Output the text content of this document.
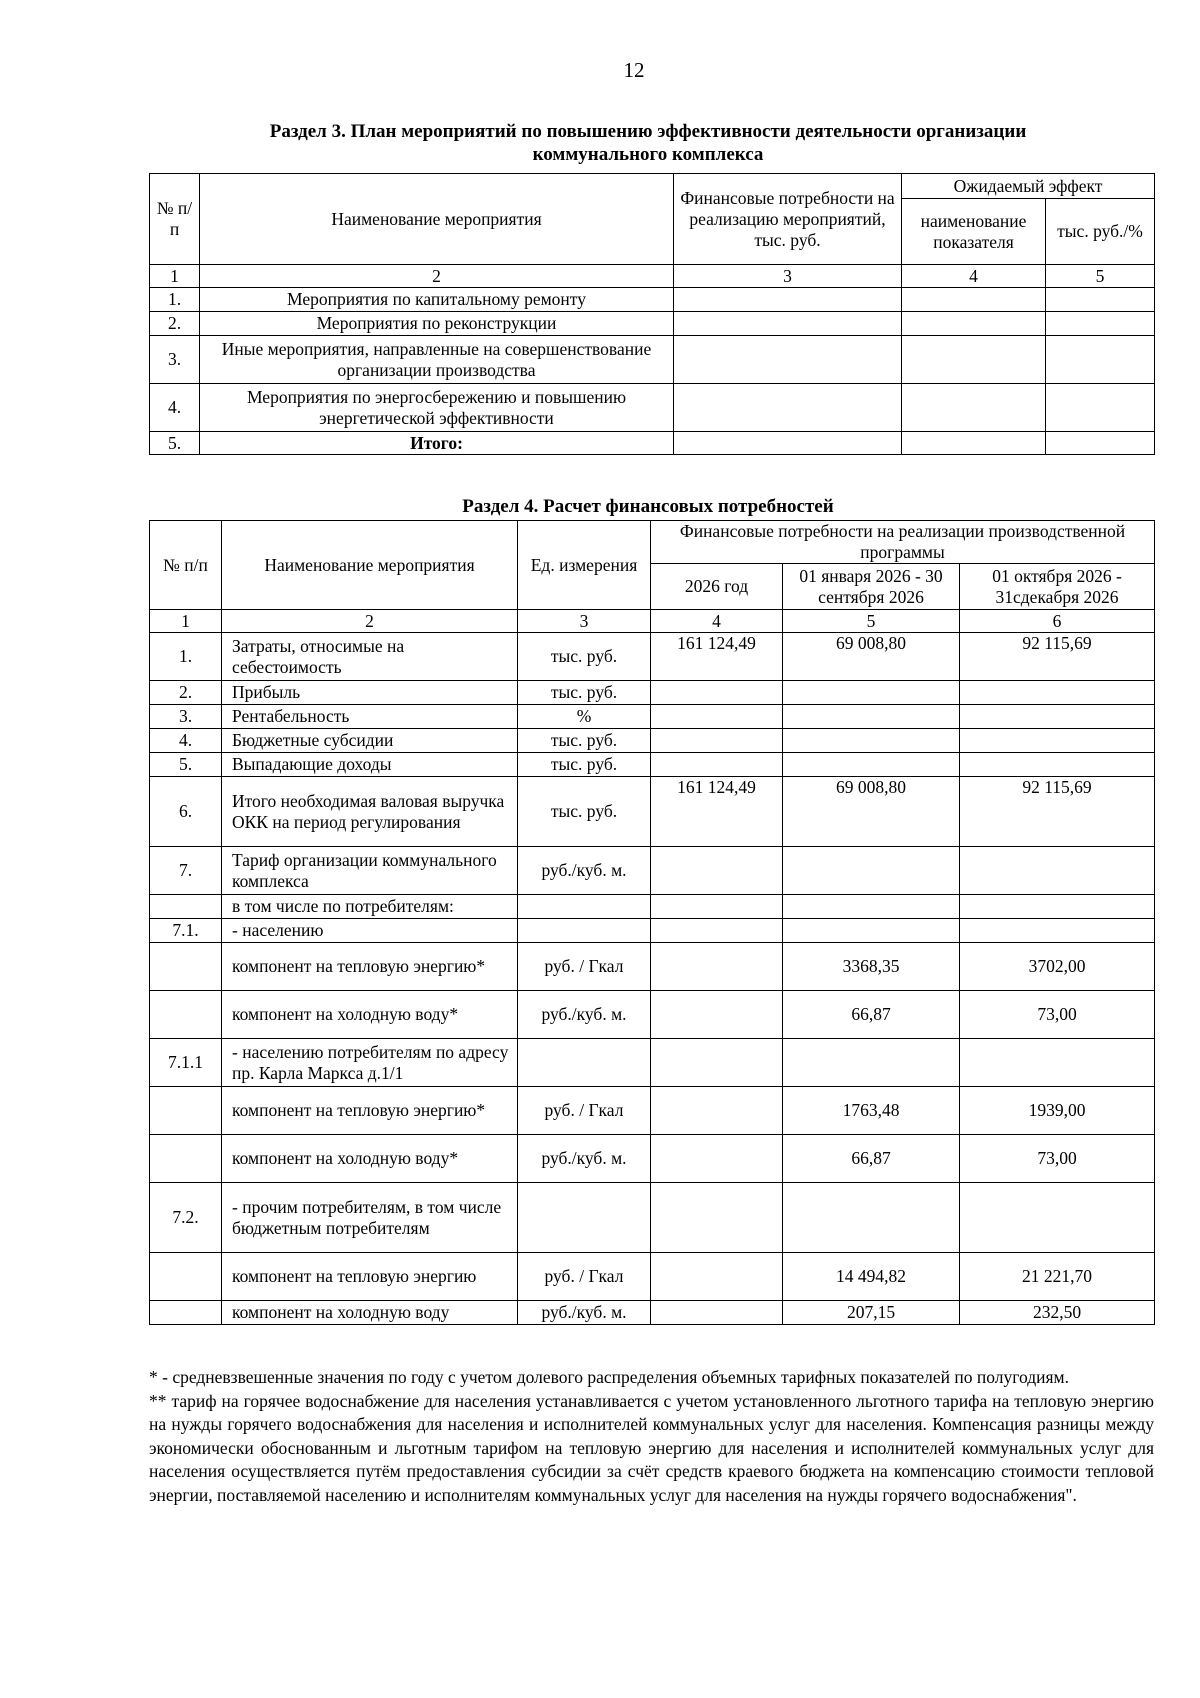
12
Раздел 3. План мероприятий по повышению эффективности деятельности организации
коммунального комплекса
№ п/п	Наименование мероприятия	Финансовые потребности на реализацию мероприятий, тыс. руб.	Ожидаемый эффект	
			наименование показателя	тыс. руб./%
1	2	3	4	5
1.	Мероприятия по капитальному ремонту			
2.	Мероприятия по реконструкции			
3.	Иные мероприятия, направленные на совершенствование организации производства			
4.	Мероприятия по энергосбережению и повышению энергетической эффективности			
5.	Итого:			
Раздел 4. Расчет финансовых потребностей
№ п/п	Наименование мероприятия	Ед. измерения	Финансовые потребности на реализации производственной программы		
			2026 год	01 января 2026 - 30 сентября 2026	01 октября 2026 - 31сдекабря 2026
1	2	3	4	5	6
1.	Затраты, относимые на себестоимость	тыс. руб.	161 124,49	69 008,80	92 115,69
2.	Прибыль	тыс. руб.			
3.	Рентабельность	%			
4.	Бюджетные субсидии	тыс. руб.			
5.	Выпадающие доходы	тыс. руб.			
6.	Итого необходимая валовая выручка ОКК на период регулирования	тыс. руб.	161 124,49	69 008,80	92 115,69
7.	Тариф организации коммунального комплекса	руб./куб. м.			
	в том числе по потребителям:				
7.1.	- населению				
	компонент на тепловую энергию*	руб. / Гкал		3368,35	3702,00
	компонент на холодную воду*	руб./куб. м.		66,87	73,00
7.1.1	- населению потребителям по адресу пр. Карла Маркса д.1/1				
	компонент на тепловую энергию*	руб. / Гкал		1763,48	1939,00
	компонент на холодную воду*	руб./куб. м.		66,87	73,00
7.2.	- прочим потребителям, в том числе бюджетным потребителям				
	компонент на тепловую энергию	руб. / Гкал		14 494,82	21 221,70
	компонент на холодную воду	руб./куб. м.		207,15	232,50

* - средневзвешенные значения по году с учетом долевого распределения объемных тарифных показателей по полугодиям.

** тариф на горячее водоснабжение для населения устанавливается с учетом установленного льготного тарифа на тепловую энергию на нужды горячего водоснабжения для населения и исполнителей коммунальных услуг для населения. Компенсация разницы между экономически обоснованным и льготным тарифом на тепловую энергию для населения и исполнителей коммунальных услуг для населения осуществляется путём предоставления субсидии за счёт средств краевого бюджета на компенсацию стоимости тепловой энергии, поставляемой населению и исполнителям коммунальных услуг для населения на нужды горячего водоснабжения".
